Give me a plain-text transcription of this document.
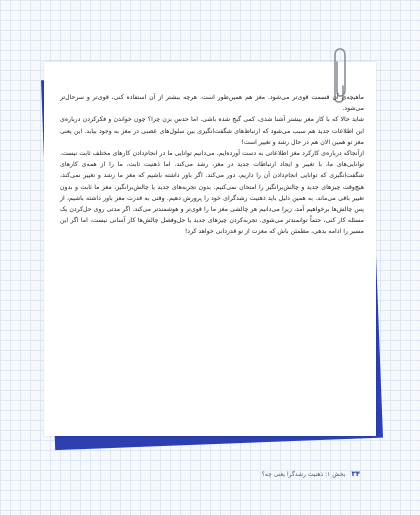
ماهیچه‌ی آن قسمت قوی‌تر می‌شود. مغز هم همین‌طور است. هرچه بیشتر از آن استفاده کنی، قوی‌تر و سرحال‌تر می‌شود.

شاید حالا که با کار مغز بیشتر آشنا شدی، کمی گیج شده باشی. اما حدس بزن چرا؟ چون خواندن و فکرکردن درباره‌ی این اطلاعات جدید هم سبب می‌شود که ارتباط‌های شگفت‌انگیزی بین سلول‌های عصبی در مغز به وجود بیاید. این یعنی مغز تو همین الان هم در حال رشد و تغییر است!

ازآنجاکه درباره‌ی کارکرد مغز اطلاعاتی به دست آورده‌ایم، می‌دانیم توانایی ما در انجام‌دادن کارهای مختلف ثابت نیست. توانایی‌های ما، با تغییر و ایجاد ارتباطات جدید در مغز، رشد می‌کند. اما ذهنیت ثابت، ما را از همه‌ی کارهای شگفت‌انگیزی که توانایی انجام‌دادن آن را داریم، دور می‌کند. اگر باور داشته باشیم که مغز ما رشد و تغییر نمی‌کند، هیچ‌وقت چیزهای جدید و چالش‌برانگیز را امتحان نمی‌کنیم. بدون تجربه‌های جدید یا چالش‌برانگیز، مغز ما ثابت و بدون تغییر باقی می‌ماند. به همین دلیل باید ذهنیت رشدگرای خود را پرورش دهیم. وقتی به قدرت مغز باور داشته باشیم، از پس چالش‌ها برخواهیم آمد، زیرا می‌دانیم هر چالشی مغز ما را قوی‌تر و هوشمندتر می‌کند. اگر مدتی روی حل‌کردن یک مسئله کار کنی، حتماً توانمندتر می‌شوی. تجربه‌کردن چیزهای جدید یا حل‌وفصل چالش‌ها کار آسانی نیست، اما اگر این مسیر را ادامه بدهی، مطمئن باش که مغزت از تو قدردانی خواهد کرد!

۳۴
بخش ۱: ذهنیت رشدگرا یعنی چه؟
